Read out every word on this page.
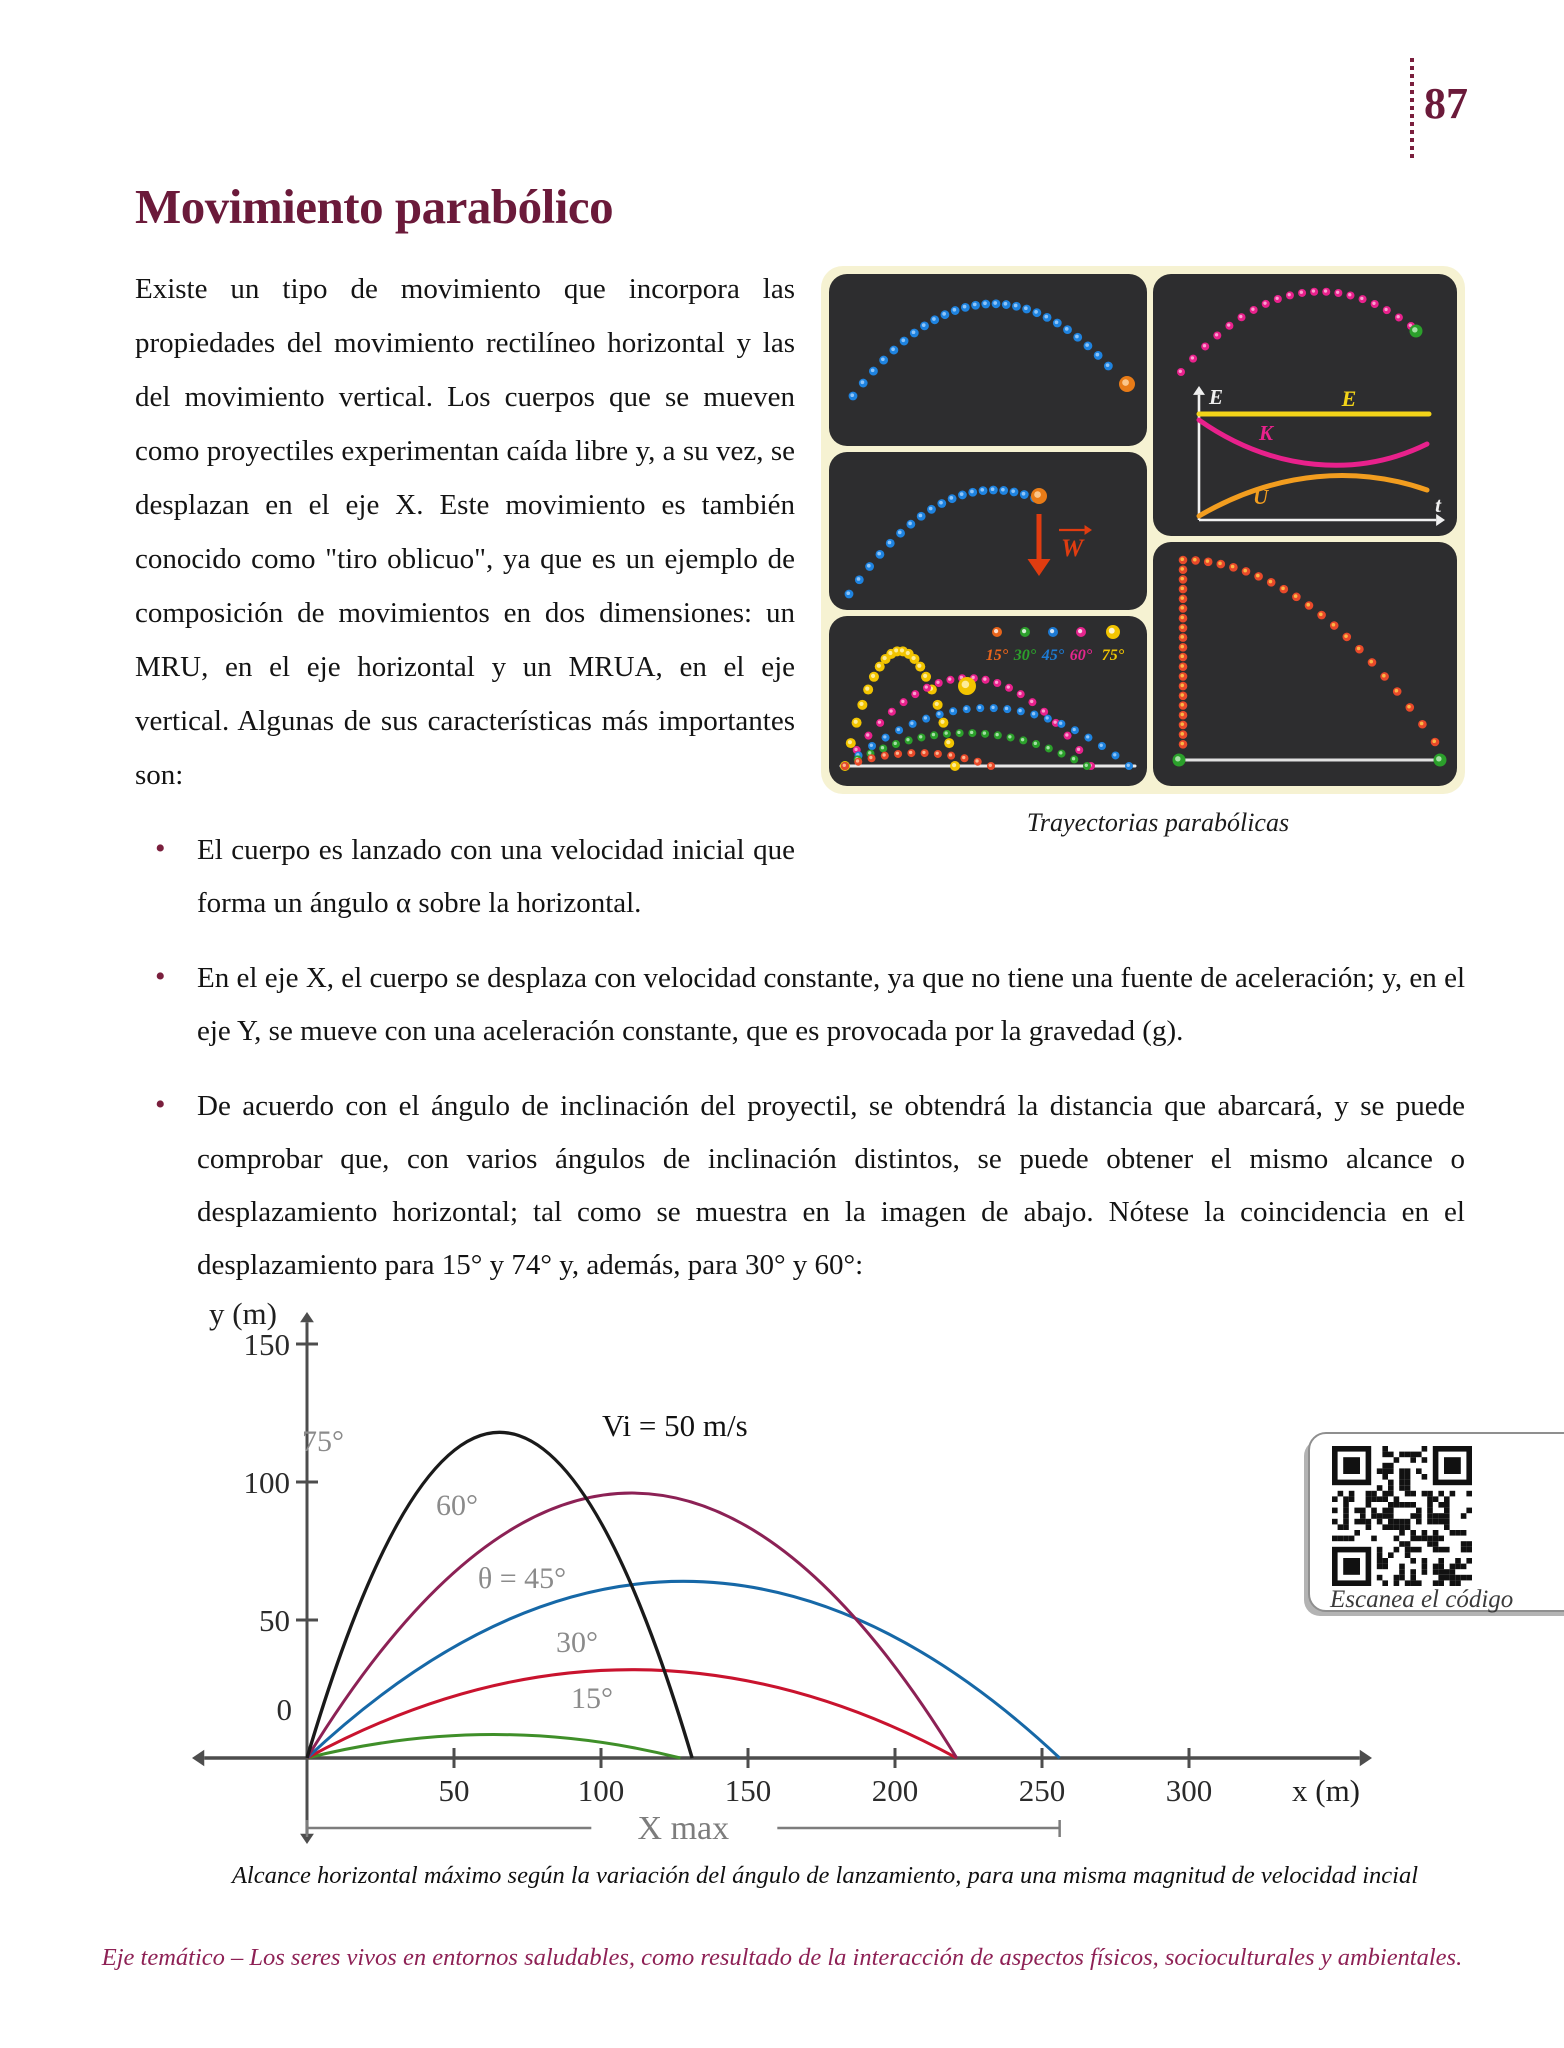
87
Movimiento parabólico
W
15° 30° 45° 60° 75°
E	E
K
U	t
Trayectorias parabólicas

Existe un tipo de movimiento que incorpora las propiedades del movimiento rectilíneo horizontal y las del movimiento vertical. Los cuerpos que se mueven como proyectiles experimentan caída libre y, a su vez, se desplazan en el eje X. Este movimiento es también conocido como "tiro oblicuo", ya que es un ejemplo de composición de movimientos en dos dimensiones: un MRU, en el eje horizontal y un MRUA, en el eje vertical. Algunas de sus características más importantes son:

• El cuerpo es lanzado con una velocidad inicial que forma un ángulo α sobre la horizontal.

• En el eje X, el cuerpo se desplaza con velocidad constante, ya que no tiene una fuente de aceleración; y, en el eje Y, se mueve con una aceleración constante, que es provocada por la gravedad (g).

• De acuerdo con el ángulo de inclinación del proyectil, se obtendrá la distancia que abarcará, y se puede comprobar que, con varios ángulos de inclinación distintos, se puede obtener el mismo alcance o desplazamiento horizontal; tal como se muestra en la imagen de abajo. Nótese la coincidencia en el desplazamiento para 15° y 74° y, además, para 30° y 60°:

50	100	150	200	250	300
0
50
100
150
y (m)
x (m)
15°
30°
θ = 45°
60°
75°	Vi = 50 m/s
X max
Escanea el código
Alcance horizontal máximo según la variación del ángulo de lanzamiento, para una misma magnitud de velocidad incial
Eje temático – Los seres vivos en entornos saludables, como resultado de la interacción de aspectos físicos, socioculturales y ambientales.
